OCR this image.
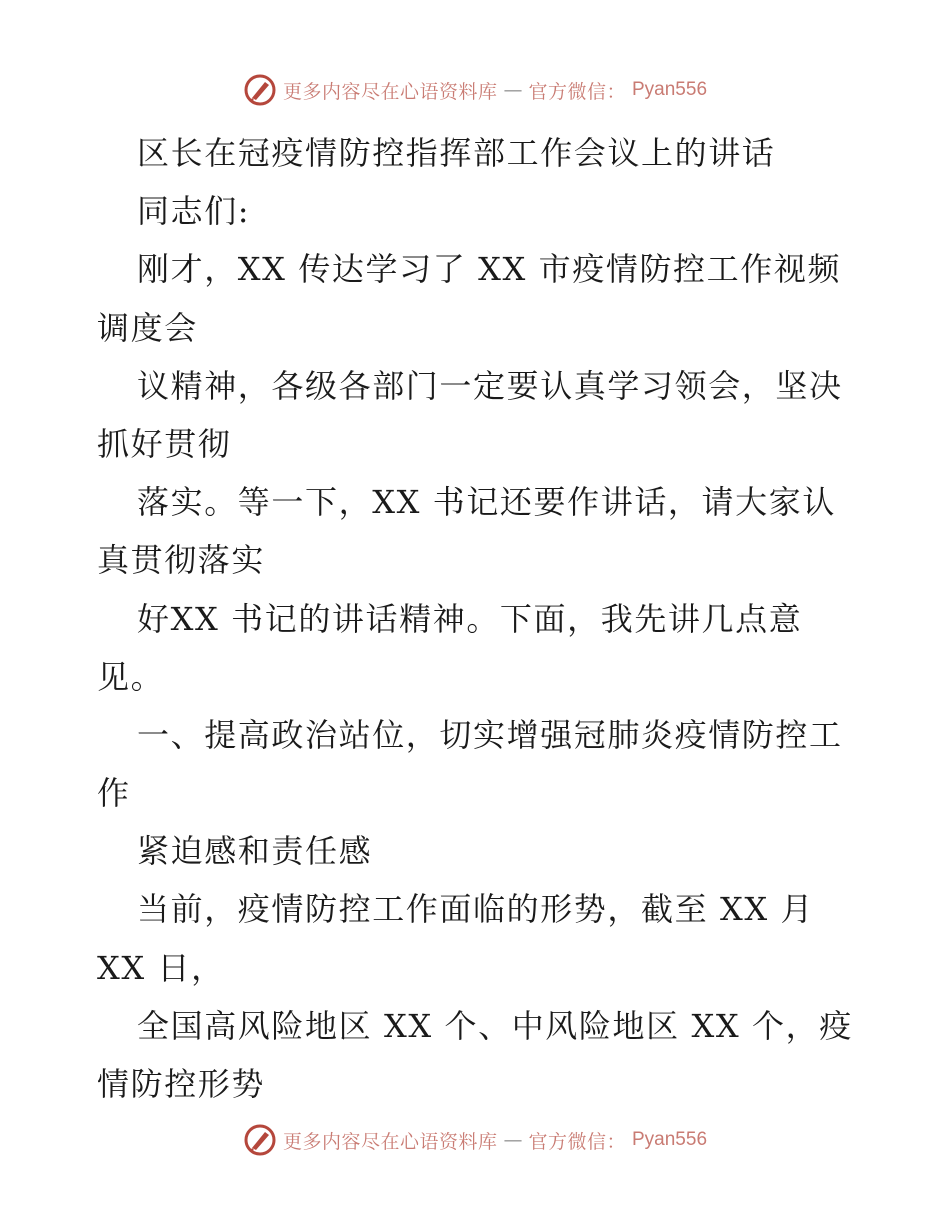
更多内容尽在心语资料库 — 官方微信： Pyan556
区长在冠疫情防控指挥部工作会议上的讲话
同志们:
刚才，XX 传达学习了 XX 市疫情防控工作视频
调度会
议精神，各级各部门一定要认真学习领会，坚决
抓好贯彻
落实。等一下，XX 书记还要作讲话，请大家认
真贯彻落实
好XX 书记的讲话精神。下面，我先讲几点意
见。
一、提高政治站位，切实增强冠肺炎疫情防控工
作
紧迫感和责任感
当前，疫情防控工作面临的形势，截至 XX 月
XX 日，
全国高风险地区 XX 个、中风险地区 XX 个，疫
情防控形势
更多内容尽在心语资料库 — 官方微信： Pyan556
